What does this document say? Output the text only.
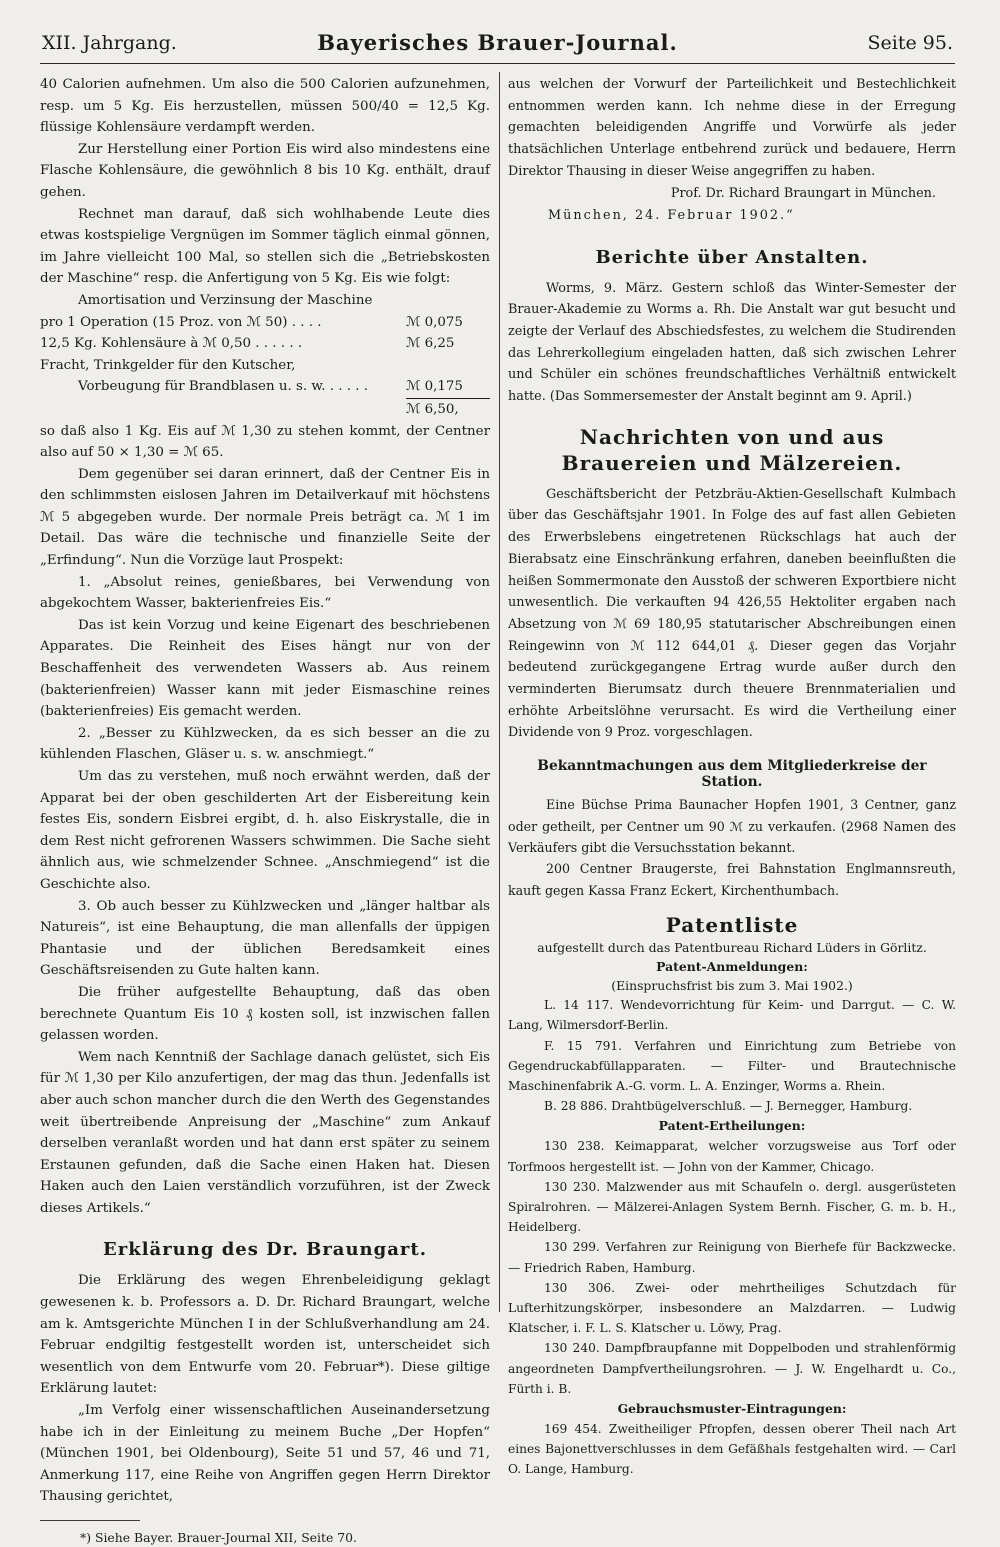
XII. Jahrgang.	Bayerisches Brauer-Journal.	Seite 95.

40 Calorien aufnehmen. Um also die 500 Calorien aufzunehmen, resp. um 5 Kg. Eis herzustellen, müssen 500/40 = 12,5 Kg. flüssige Kohlensäure verdampft werden.

Zur Herstellung einer Portion Eis wird also mindestens eine Flasche Kohlensäure, die gewöhnlich 8 bis 10 Kg. enthält, drauf gehen.

Rechnet man darauf, daß sich wohlhabende Leute dies etwas kostspielige Vergnügen im Sommer täglich einmal gönnen, im Jahre vielleicht 100 Mal, so stellen sich die „Betriebskosten der Maschine“ resp. die Anfertigung von 5 Kg. Eis wie folgt:

Amortisation und Verzinsung der Maschine
pro 1 Operation (15 Proz. von ℳ 50) . . . .	ℳ 0,075
12,5 Kg. Kohlensäure à ℳ 0,50 . . . . . .	ℳ 6,25
Fracht, Trinkgelder für den Kutscher,
Vorbeugung für Brandblasen u. s. w. . . . . .	ℳ 0,175
ℳ 6,50,

so daß also 1 Kg. Eis auf ℳ 1,30 zu stehen kommt, der Centner also auf 50 × 1,30 = ℳ 65.

Dem gegenüber sei daran erinnert, daß der Centner Eis in den schlimmsten eislosen Jahren im Detailverkauf mit höchstens ℳ 5 abgegeben wurde. Der normale Preis beträgt ca. ℳ 1 im Detail. Das wäre die technische und finanzielle Seite der „Erfindung“. Nun die Vorzüge laut Prospekt:

1. „Absolut reines, genießbares, bei Verwendung von abgekochtem Wasser, bakterienfreies Eis.“

Das ist kein Vorzug und keine Eigenart des beschriebenen Apparates. Die Reinheit des Eises hängt nur von der Beschaffenheit des verwendeten Wassers ab. Aus reinem (bakterienfreien) Wasser kann mit jeder Eismaschine reines (bakterienfreies) Eis gemacht werden.

2. „Besser zu Kühlzwecken, da es sich besser an die zu kühlenden Flaschen, Gläser u. s. w. anschmiegt.“

Um das zu verstehen, muß noch erwähnt werden, daß der Apparat bei der oben geschilderten Art der Eisbereitung kein festes Eis, sondern Eisbrei ergibt, d. h. also Eiskrystalle, die in dem Rest nicht gefrorenen Wassers schwimmen. Die Sache sieht ähnlich aus, wie schmelzender Schnee. „Anschmiegend“ ist die Geschichte also.

3. Ob auch besser zu Kühlzwecken und „länger haltbar als Natureis“, ist eine Behauptung, die man allenfalls der üppigen Phantasie und der üblichen Beredsamkeit eines Geschäftsreisenden zu Gute halten kann.

Die früher aufgestellte Behauptung, daß das oben berechnete Quantum Eis 10 ₰ kosten soll, ist inzwischen fallen gelassen worden.

Wem nach Kenntniß der Sachlage danach gelüstet, sich Eis für ℳ 1,30 per Kilo anzufertigen, der mag das thun. Jedenfalls ist aber auch schon mancher durch die den Werth des Gegenstandes weit übertreibende Anpreisung der „Maschine“ zum Ankauf derselben veranlaßt worden und hat dann erst später zu seinem Erstaunen gefunden, daß die Sache einen Haken hat. Diesen Haken auch den Laien verständlich vorzuführen, ist der Zweck dieses Artikels.“

Erklärung des Dr. Braungart.

Die Erklärung des wegen Ehrenbeleidigung geklagt gewesenen k. b. Professors a. D. Dr. Richard Braungart, welche am k. Amtsgerichte München I in der Schlußverhandlung am 24. Februar endgiltig festgestellt worden ist, unterscheidet sich wesentlich von dem Entwurfe vom 20. Februar*). Diese giltige Erklärung lautet:

„Im Verfolg einer wissenschaftlichen Auseinandersetzung habe ich in der Einleitung zu meinem Buche „Der Hopfen“ (München 1901, bei Oldenbourg), Seite 51 und 57, 46 und 71, Anmerkung 117, eine Reihe von Angriffen gegen Herrn Direktor Thausing gerichtet,

*) Siehe Bayer. Brauer-Journal XII, Seite 70.

aus welchen der Vorwurf der Parteilichkeit und Bestechlichkeit entnommen werden kann. Ich nehme diese in der Erregung gemachten beleidigenden Angriffe und Vorwürfe als jeder thatsächlichen Unterlage entbehrend zurück und bedauere, Herrn Direktor Thausing in dieser Weise angegriffen zu haben.

Prof. Dr. Richard Braungart in München.

München, 24. Februar 1902.“

Berichte über Anstalten.

Worms, 9. März. Gestern schloß das Winter-Semester der Brauer-Akademie zu Worms a. Rh. Die Anstalt war gut besucht und zeigte der Verlauf des Abschiedsfestes, zu welchem die Studirenden das Lehrerkollegium eingeladen hatten, daß sich zwischen Lehrer und Schüler ein schönes freundschaftliches Verhältniß entwickelt hatte. (Das Sommersemester der Anstalt beginnt am 9. April.)

Nachrichten von und aus Brauereien und Mälzereien.

Geschäftsbericht der Petzbräu-Aktien-Gesellschaft Kulmbach über das Geschäftsjahr 1901. In Folge des auf fast allen Gebieten des Erwerbslebens eingetretenen Rückschlags hat auch der Bierabsatz eine Einschränkung erfahren, daneben beeinflußten die heißen Sommermonate den Ausstoß der schweren Exportbiere nicht unwesentlich. Die verkauften 94 426,55 Hektoliter ergaben nach Absetzung von ℳ 69 180,95 statutarischer Abschreibungen einen Reingewinn von ℳ 112 644,01 ₰. Dieser gegen das Vorjahr bedeutend zurückgegangene Ertrag wurde außer durch den verminderten Bierumsatz durch theuere Brennmaterialien und erhöhte Arbeitslöhne verursacht. Es wird die Vertheilung einer Dividende von 9 Proz. vorgeschlagen.

Bekanntmachungen aus dem Mitgliederkreise der Station.

Eine Büchse Prima Baunacher Hopfen 1901, 3 Centner, ganz oder getheilt, per Centner um 90 ℳ zu verkaufen. (2968 Namen des Verkäufers gibt die Versuchsstation bekannt.

200 Centner Braugerste, frei Bahnstation Englmannsreuth, kauft gegen Kassa Franz Eckert, Kirchenthumbach.

Patentliste

aufgestellt durch das Patentbureau Richard Lüders in Görlitz.

Patent-Anmeldungen:

(Einspruchsfrist bis zum 3. Mai 1902.)

L. 14 117. Wendevorrichtung für Keim- und Darrgut. — C. W. Lang, Wilmersdorf-Berlin.

F. 15 791. Verfahren und Einrichtung zum Betriebe von Gegendruckabfüllapparaten. — Filter- und Brautechnische Maschinenfabrik A.-G. vorm. L. A. Enzinger, Worms a. Rhein.

B. 28 886. Drahtbügelverschluß. — J. Bernegger, Hamburg.

Patent-Ertheilungen:

130 238. Keimapparat, welcher vorzugsweise aus Torf oder Torfmoos hergestellt ist. — John von der Kammer, Chicago.

130 230. Malzwender aus mit Schaufeln o. dergl. ausgerüsteten Spiralrohren. — Mälzerei-Anlagen System Bernh. Fischer, G. m. b. H., Heidelberg.

130 299. Verfahren zur Reinigung von Bierhefe für Backzwecke. — Friedrich Raben, Hamburg.

130 306. Zwei- oder mehrtheiliges Schutzdach für Lufterhitzungskörper, insbesondere an Malzdarren. — Ludwig Klatscher, i. F. L. S. Klatscher u. Löwy, Prag.

130 240. Dampfbraupfanne mit Doppelboden und strahlenförmig angeordneten Dampfvertheilungsrohren. — J. W. Engelhardt u. Co., Fürth i. B.

Gebrauchsmuster-Eintragungen:

169 454. Zweitheiliger Pfropfen, dessen oberer Theil nach Art eines Bajonettverschlusses in dem Gefäßhals festgehalten wird. — Carl O. Lange, Hamburg.
